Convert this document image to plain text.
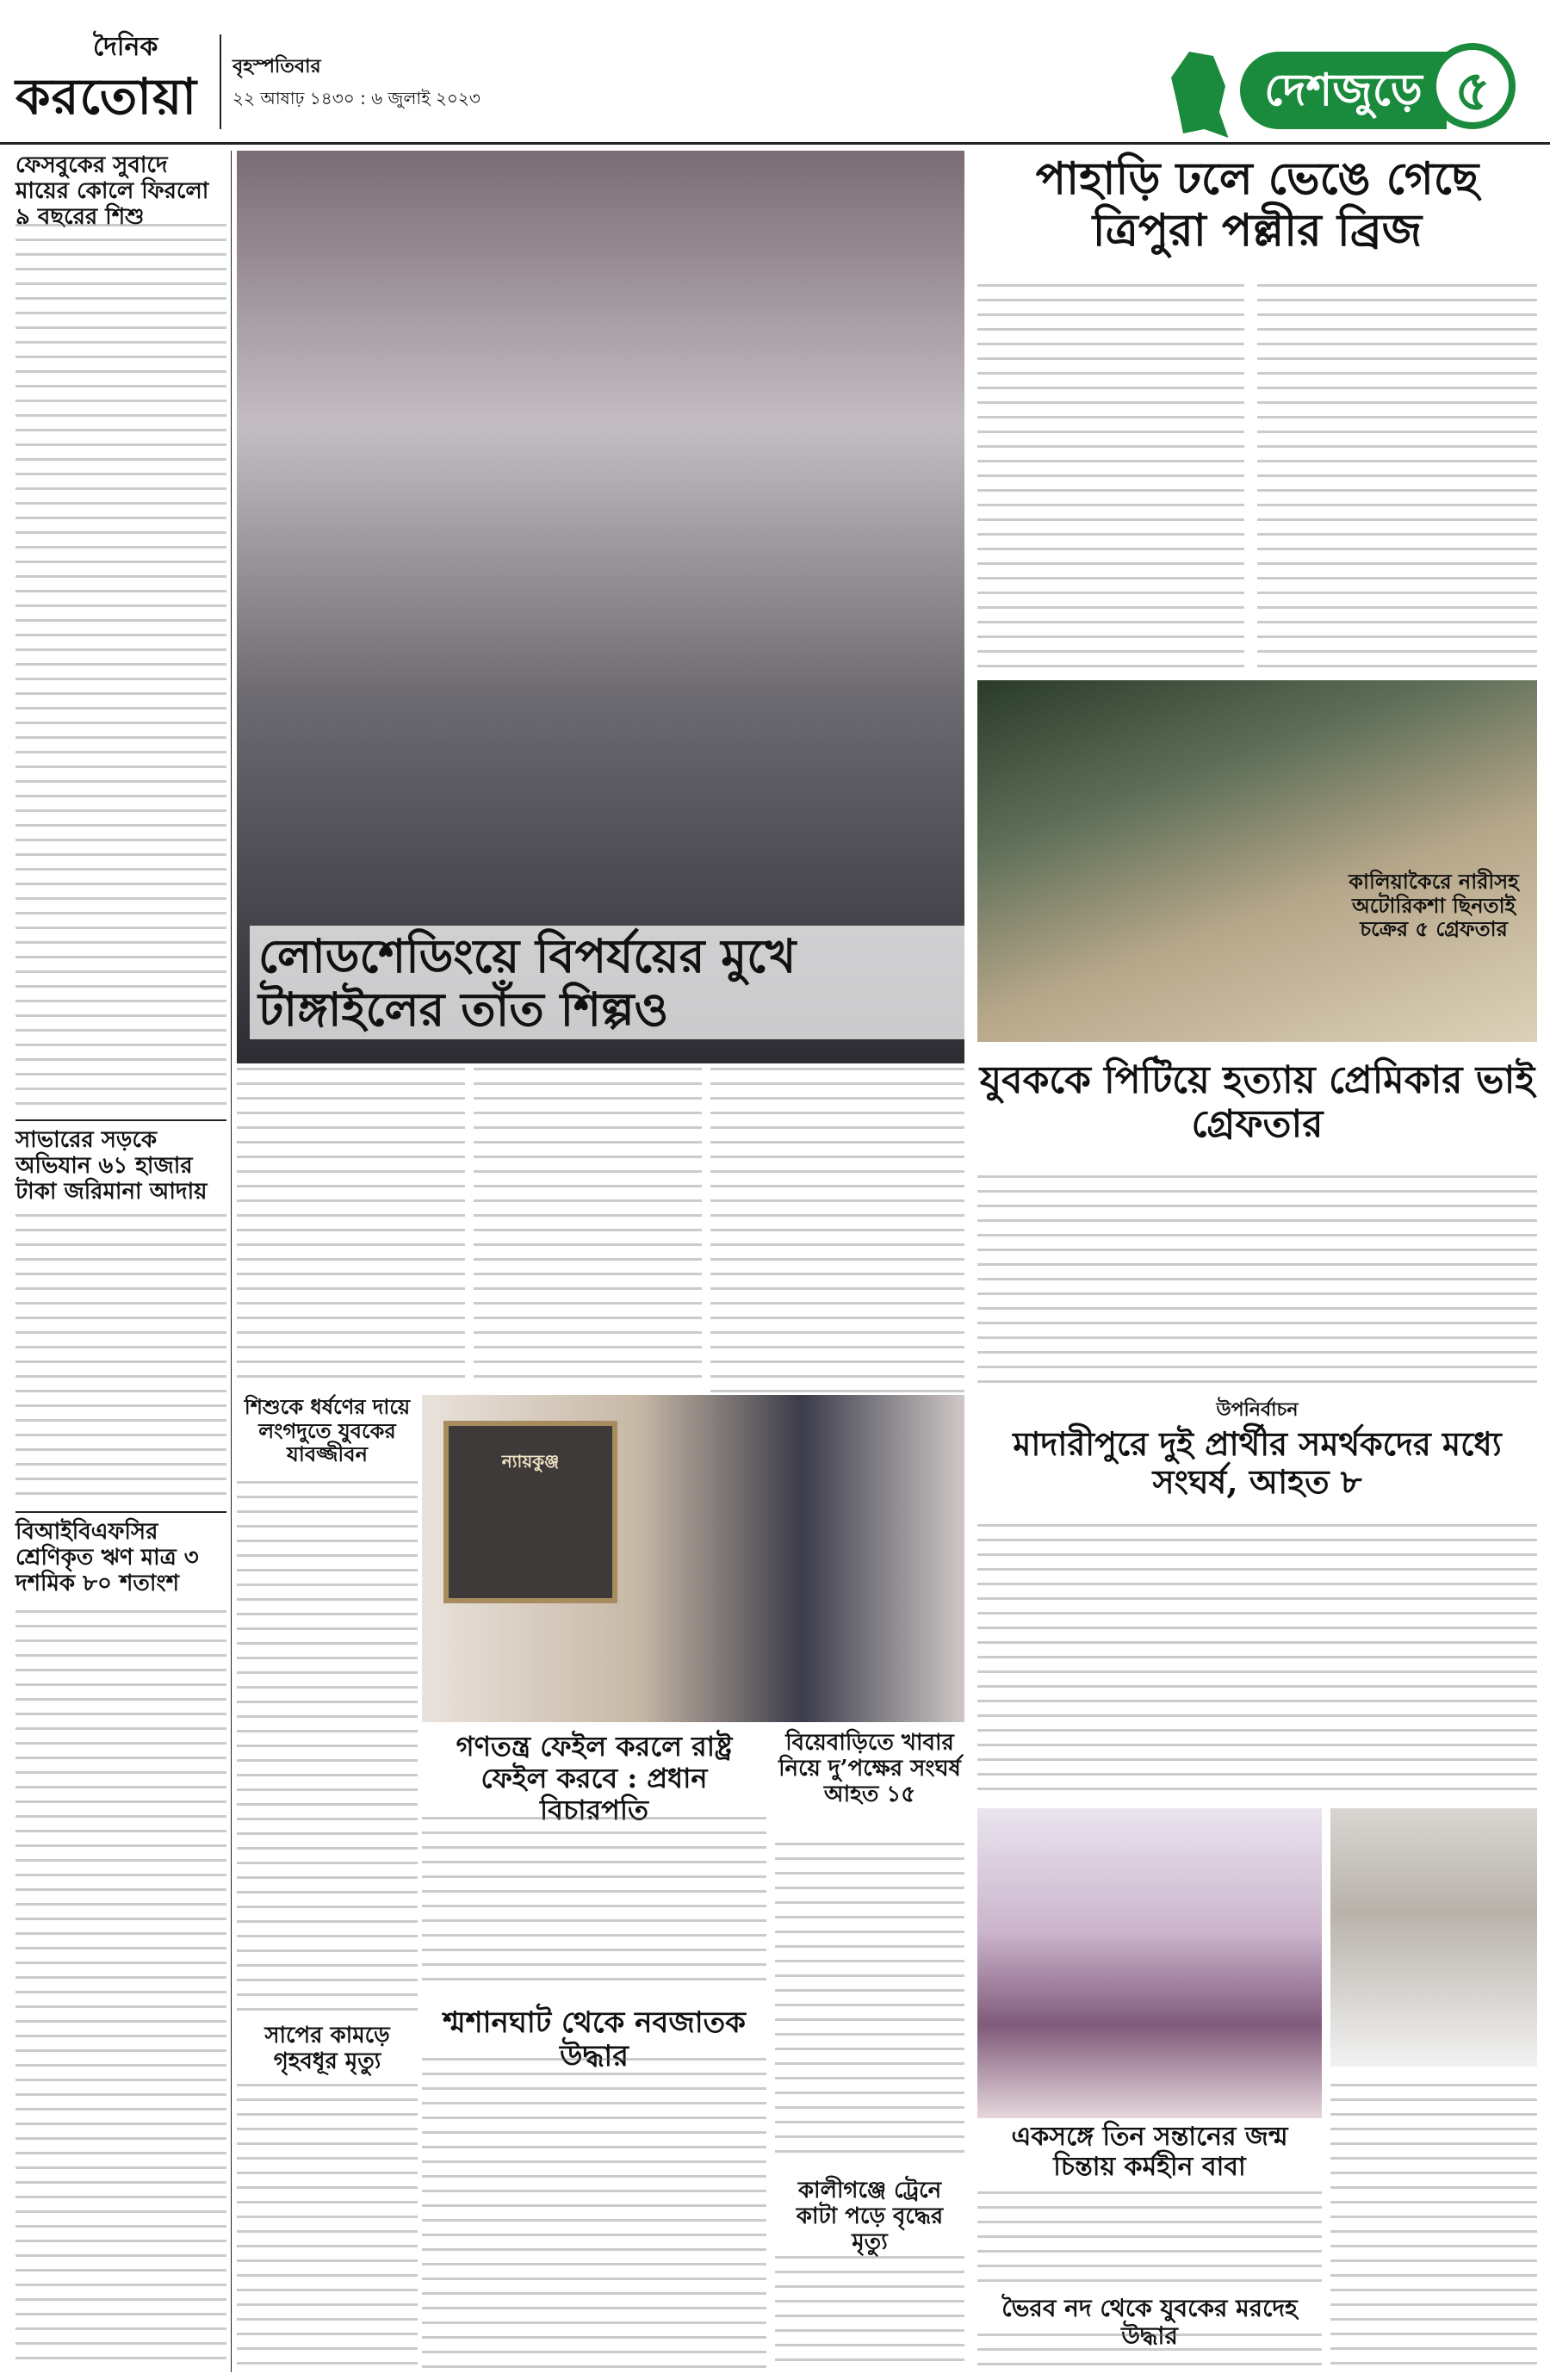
দৈনিক
করতোয়া
বৃহস্পতিবার
২২ আষাঢ় ১৪৩০ : ৬ জুলাই ২০২৩	দেশজুড়ে ৫
ফেসবুকের সুবাদে মায়ের কোলে ফিরলো ৯ বছরের শিশু
সাভারের সড়কে অভিযান ৬১ হাজার টাকা জরিমানা আদায়
বিআইবিএফসির শ্রেণিকৃত ঋণ মাত্র ৩ দশমিক ৮০ শতাংশ
লোডশেডিংয়ে বিপর্যয়ের মুখে টাঙ্গাইলের তাঁত শিল্পও
পাহাড়ি ঢলে ভেঙে গেছে ত্রিপুরা পল্লীর ব্রিজ
শিশুকে ধর্ষণের দায়ে লংগদুতে যুবকের যাবজ্জীবন	ন্যায়কুঞ্জ
যুবককে পিটিয়ে হত্যায় প্রেমিকার ভাই গ্রেফতার
উপনির্বাচন
মাদারীপুরে দুই প্রার্থীর সমর্থকদের মধ্যে সংঘর্ষ, আহত ৮
কালিয়াকৈরে নারীসহ অটোরিকশা ছিনতাই চক্রের ৫ গ্রেফতার
গণতন্ত্র ফেইল করলে রাষ্ট্র ফেইল করবে : প্রধান বিচারপতি
বিয়েবাড়িতে খাবার নিয়ে দু’পক্ষের সংঘর্ষ আহত ১৫
সাপের কামড়ে গৃহবধূর মৃত্যু
শ্মশানঘাট থেকে নবজাতক উদ্ধার
কালীগঞ্জে ট্রেনে কাটা পড়ে বৃদ্ধের মৃত্যু
একসঙ্গে তিন সন্তানের জন্ম চিন্তায় কর্মহীন বাবা
ভৈরব নদ থেকে যুবকের মরদেহ উদ্ধার
